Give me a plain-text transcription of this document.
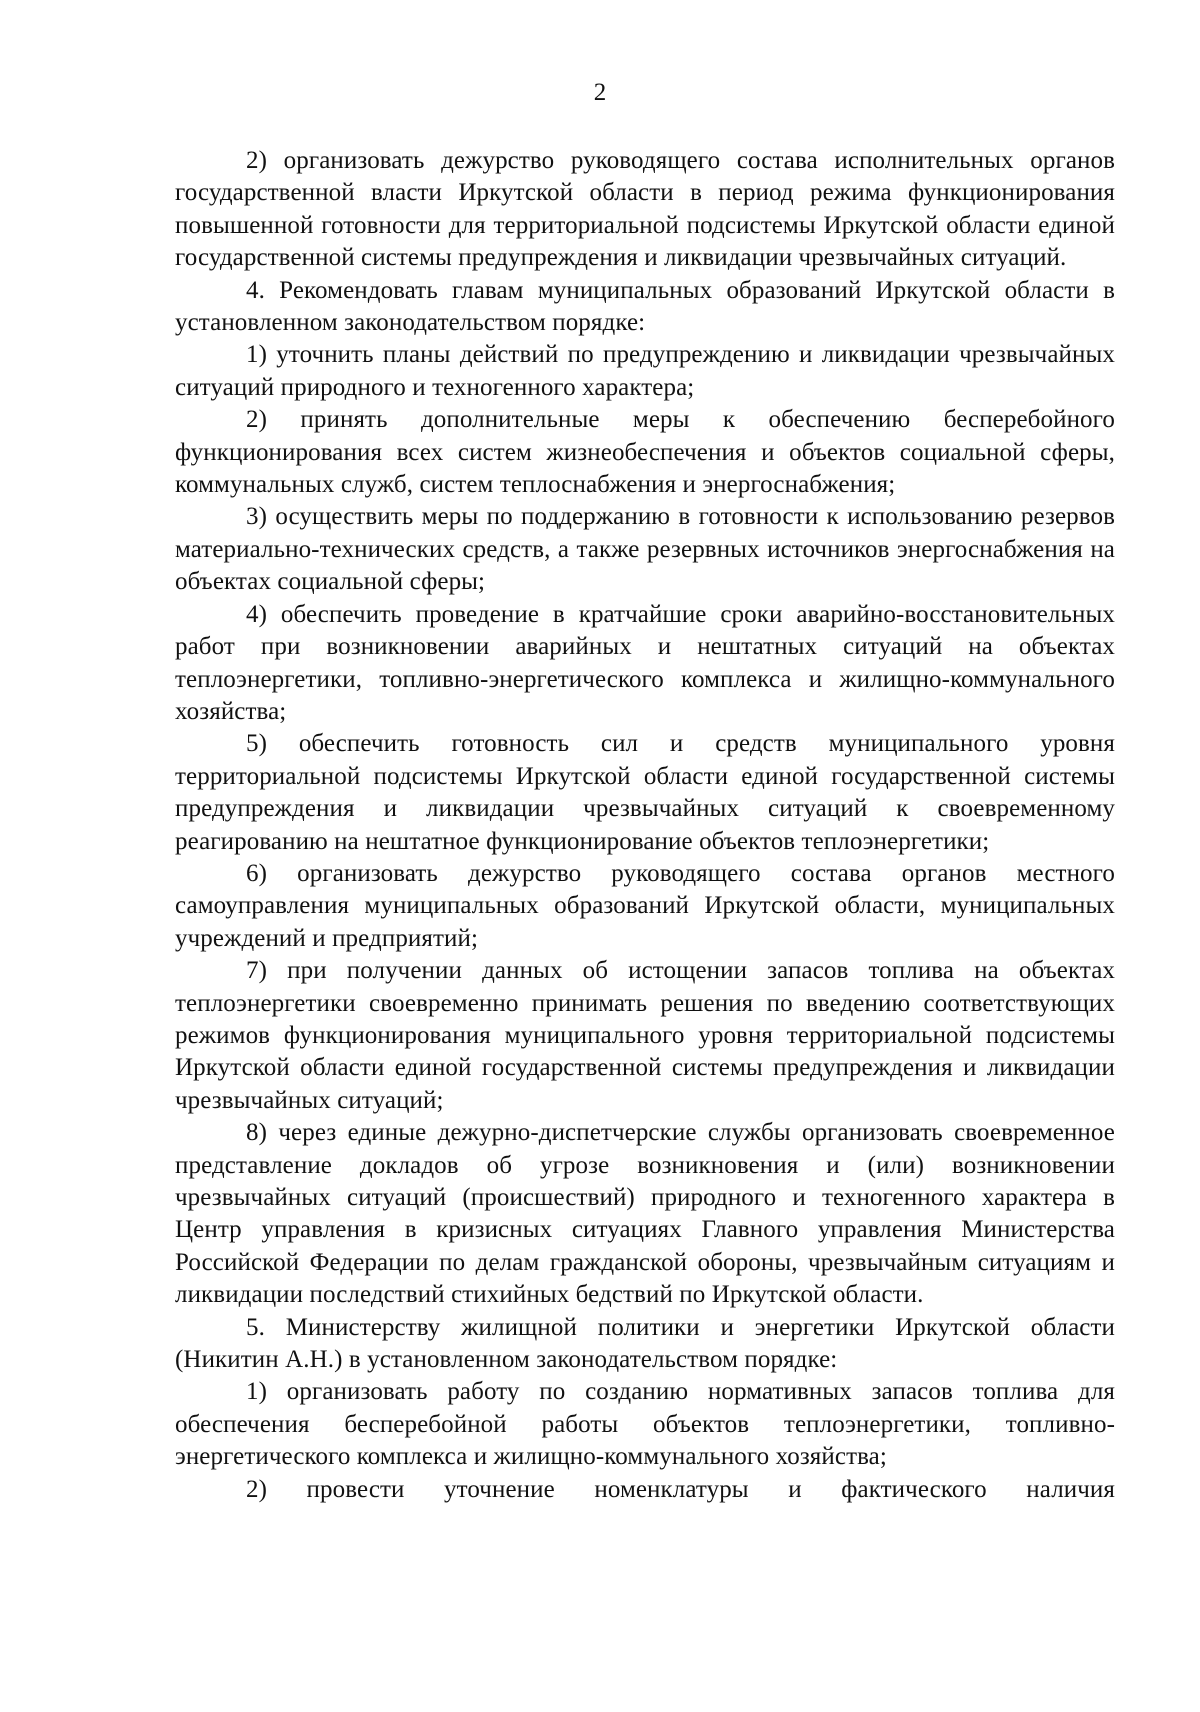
2

2) организовать дежурство руководящего состава исполнительных органов государственной власти Иркутской области в период режима функционирования повышенной готовности для территориальной подсистемы Иркутской области единой государственной системы предупреждения и ликвидации чрезвычайных ситуаций.

4. Рекомендовать главам муниципальных образований Иркутской области в установленном законодательством порядке:

1) уточнить планы действий по предупреждению и ликвидации чрезвычайных ситуаций природного и техногенного характера;

2) принять дополнительные меры к обеспечению бесперебойного функционирования всех систем жизнеобеспечения и объектов социальной сферы, коммунальных служб, систем теплоснабжения и энергоснабжения;

3) осуществить меры по поддержанию в готовности к использованию резервов материально-технических средств, а также резервных источников энергоснабжения на объектах социальной сферы;

4) обеспечить проведение в кратчайшие сроки аварийно-восстановительных работ при возникновении аварийных и нештатных ситуаций на объектах теплоэнергетики, топливно-энергетического комплекса и жилищно-коммунального хозяйства;

5) обеспечить готовность сил и средств муниципального уровня территориальной подсистемы Иркутской области единой государственной системы предупреждения и ликвидации чрезвычайных ситуаций к своевременному реагированию на нештатное функционирование объектов теплоэнергетики;

6) организовать дежурство руководящего состава органов местного самоуправления муниципальных образований Иркутской области, муниципальных учреждений и предприятий;

7) при получении данных об истощении запасов топлива на объектах теплоэнергетики своевременно принимать решения по введению соответствующих режимов функционирования муниципального уровня территориальной подсистемы Иркутской области единой государственной системы предупреждения и ликвидации чрезвычайных ситуаций;

8) через единые дежурно-диспетчерские службы организовать своевременное представление докладов об угрозе возникновения и (или) возникновении чрезвычайных ситуаций (происшествий) природного и техногенного характера в Центр управления в кризисных ситуациях Главного управления Министерства Российской Федерации по делам гражданской обороны, чрезвычайным ситуациям и ликвидации последствий стихийных бедствий по Иркутской области.

5. Министерству жилищной политики и энергетики Иркутской области (Никитин А.Н.) в установленном законодательством порядке:

1) организовать работу по созданию нормативных запасов топлива для обеспечения бесперебойной работы объектов теплоэнергетики, топливно-энергетического комплекса и жилищно-коммунального хозяйства;

2) провести уточнение номенклатуры и фактического наличия
